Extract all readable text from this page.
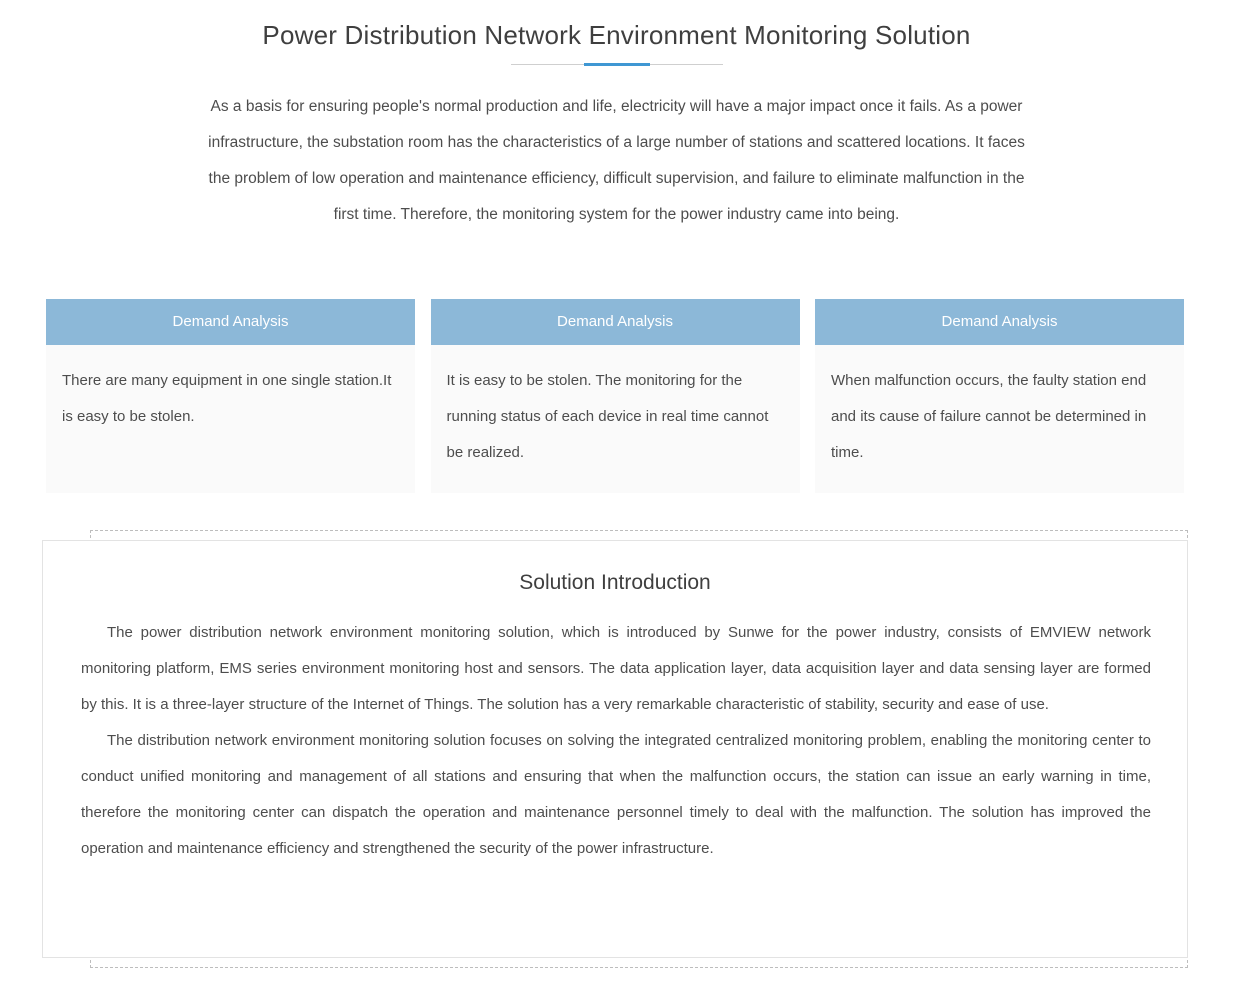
Power Distribution Network Environment Monitoring Solution
As a basis for ensuring people's normal production and life, electricity will have a major impact once it fails. As a power infrastructure, the substation room has the characteristics of a large number of stations and scattered locations. It faces the problem of low operation and maintenance efficiency, difficult supervision, and failure to eliminate malfunction in the first time. Therefore, the monitoring system for the power industry came into being.
Demand Analysis
There are many equipment in one single station.It is easy to be stolen.
Demand Analysis
It is easy to be stolen. The monitoring for the running status of each device in real time cannot be realized.
Demand Analysis
When malfunction occurs, the faulty station end and its cause of failure cannot be determined in time.
Solution Introduction

The power distribution network environment monitoring solution, which is introduced by Sunwe for the power industry, consists of EMVIEW network monitoring platform, EMS series environment monitoring host and sensors. The data application layer, data acquisition layer and data sensing layer are formed by this. It is a three-layer structure of the Internet of Things. The solution has a very remarkable characteristic of stability, security and ease of use.

The distribution network environment monitoring solution focuses on solving the integrated centralized monitoring problem, enabling the monitoring center to conduct unified monitoring and management of all stations and ensuring that when the malfunction occurs, the station can issue an early warning in time, therefore the monitoring center can dispatch the operation and maintenance personnel timely to deal with the malfunction. The solution has improved the operation and maintenance efficiency and strengthened the security of the power infrastructure.
